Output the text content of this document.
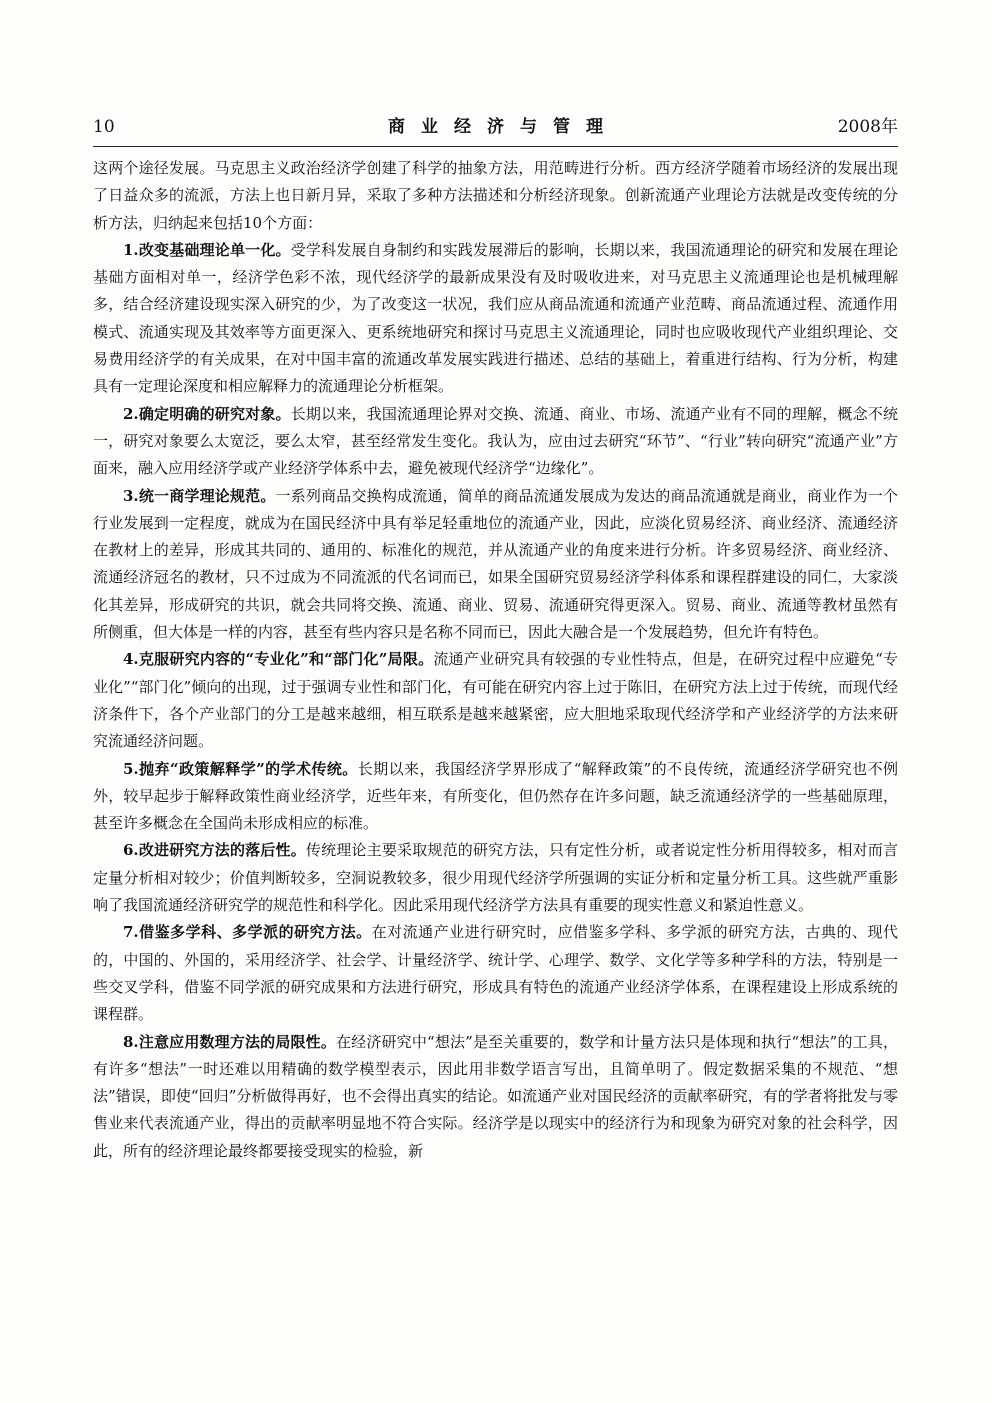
10	商业经济与管理	2008年

这两个途径发展。马克思主义政治经济学创建了科学的抽象方法，用范畴进行分析。西方经济学随着市场经济的发展出现了日益众多的流派，方法上也日新月异，采取了多种方法描述和分析经济现象。创新流通产业理论方法就是改变传统的分析方法，归纳起来包括10个方面：

1.改变基础理论单一化。受学科发展自身制约和实践发展滞后的影响，长期以来，我国流通理论的研究和发展在理论基础方面相对单一，经济学色彩不浓，现代经济学的最新成果没有及时吸收进来，对马克思主义流通理论也是机械理解多，结合经济建设现实深入研究的少，为了改变这一状况，我们应从商品流通和流通产业范畴、商品流通过程、流通作用模式、流通实现及其效率等方面更深入、更系统地研究和探讨马克思主义流通理论，同时也应吸收现代产业组织理论、交易费用经济学的有关成果，在对中国丰富的流通改革发展实践进行描述、总结的基础上，着重进行结构、行为分析，构建具有一定理论深度和相应解释力的流通理论分析框架。

2.确定明确的研究对象。长期以来，我国流通理论界对交换、流通、商业、市场、流通产业有不同的理解，概念不统一，研究对象要么太宽泛，要么太窄，甚至经常发生变化。我认为，应由过去研究“环节”、“行业”转向研究“流通产业”方面来，融入应用经济学或产业经济学体系中去，避免被现代经济学“边缘化”。

3.统一商学理论规范。一系列商品交换构成流通，简单的商品流通发展成为发达的商品流通就是商业，商业作为一个行业发展到一定程度，就成为在国民经济中具有举足轻重地位的流通产业，因此，应淡化贸易经济、商业经济、流通经济在教材上的差异，形成其共同的、通用的、标准化的规范，并从流通产业的角度来进行分析。许多贸易经济、商业经济、流通经济冠名的教材，只不过成为不同流派的代名词而已，如果全国研究贸易经济学科体系和课程群建设的同仁，大家淡化其差异，形成研究的共识，就会共同将交换、流通、商业、贸易、流通研究得更深入。贸易、商业、流通等教材虽然有所侧重，但大体是一样的内容，甚至有些内容只是名称不同而已，因此大融合是一个发展趋势，但允许有特色。

4.克服研究内容的“专业化”和“部门化”局限。流通产业研究具有较强的专业性特点，但是，在研究过程中应避免“专业化”“部门化”倾向的出现，过于强调专业性和部门化，有可能在研究内容上过于陈旧，在研究方法上过于传统，而现代经济条件下，各个产业部门的分工是越来越细，相互联系是越来越紧密，应大胆地采取现代经济学和产业经济学的方法来研究流通经济问题。

5.抛弃“政策解释学”的学术传统。长期以来，我国经济学界形成了“解释政策”的不良传统，流通经济学研究也不例外，较早起步于解释政策性商业经济学，近些年来，有所变化，但仍然存在许多问题，缺乏流通经济学的一些基础原理，甚至许多概念在全国尚未形成相应的标准。

6.改进研究方法的落后性。传统理论主要采取规范的研究方法，只有定性分析，或者说定性分析用得较多，相对而言定量分析相对较少；价值判断较多，空洞说教较多，很少用现代经济学所强调的实证分析和定量分析工具。这些就严重影响了我国流通经济研究学的规范性和科学化。因此采用现代经济学方法具有重要的现实性意义和紧迫性意义。

7.借鉴多学科、多学派的研究方法。在对流通产业进行研究时，应借鉴多学科、多学派的研究方法，古典的、现代的，中国的、外国的，采用经济学、社会学、计量经济学、统计学、心理学、数学、文化学等多种学科的方法，特别是一些交叉学科，借鉴不同学派的研究成果和方法进行研究，形成具有特色的流通产业经济学体系，在课程建设上形成系统的课程群。

8.注意应用数理方法的局限性。在经济研究中“想法”是至关重要的，数学和计量方法只是体现和执行“想法”的工具，有许多“想法”一时还难以用精确的数学模型表示，因此用非数学语言写出，且简单明了。假定数据采集的不规范、“想法”错误，即使“回归”分析做得再好，也不会得出真实的结论。如流通产业对国民经济的贡献率研究，有的学者将批发与零售业来代表流通产业，得出的贡献率明显地不符合实际。经济学是以现实中的经济行为和现象为研究对象的社会科学，因此，所有的经济理论最终都要接受现实的检验，新
